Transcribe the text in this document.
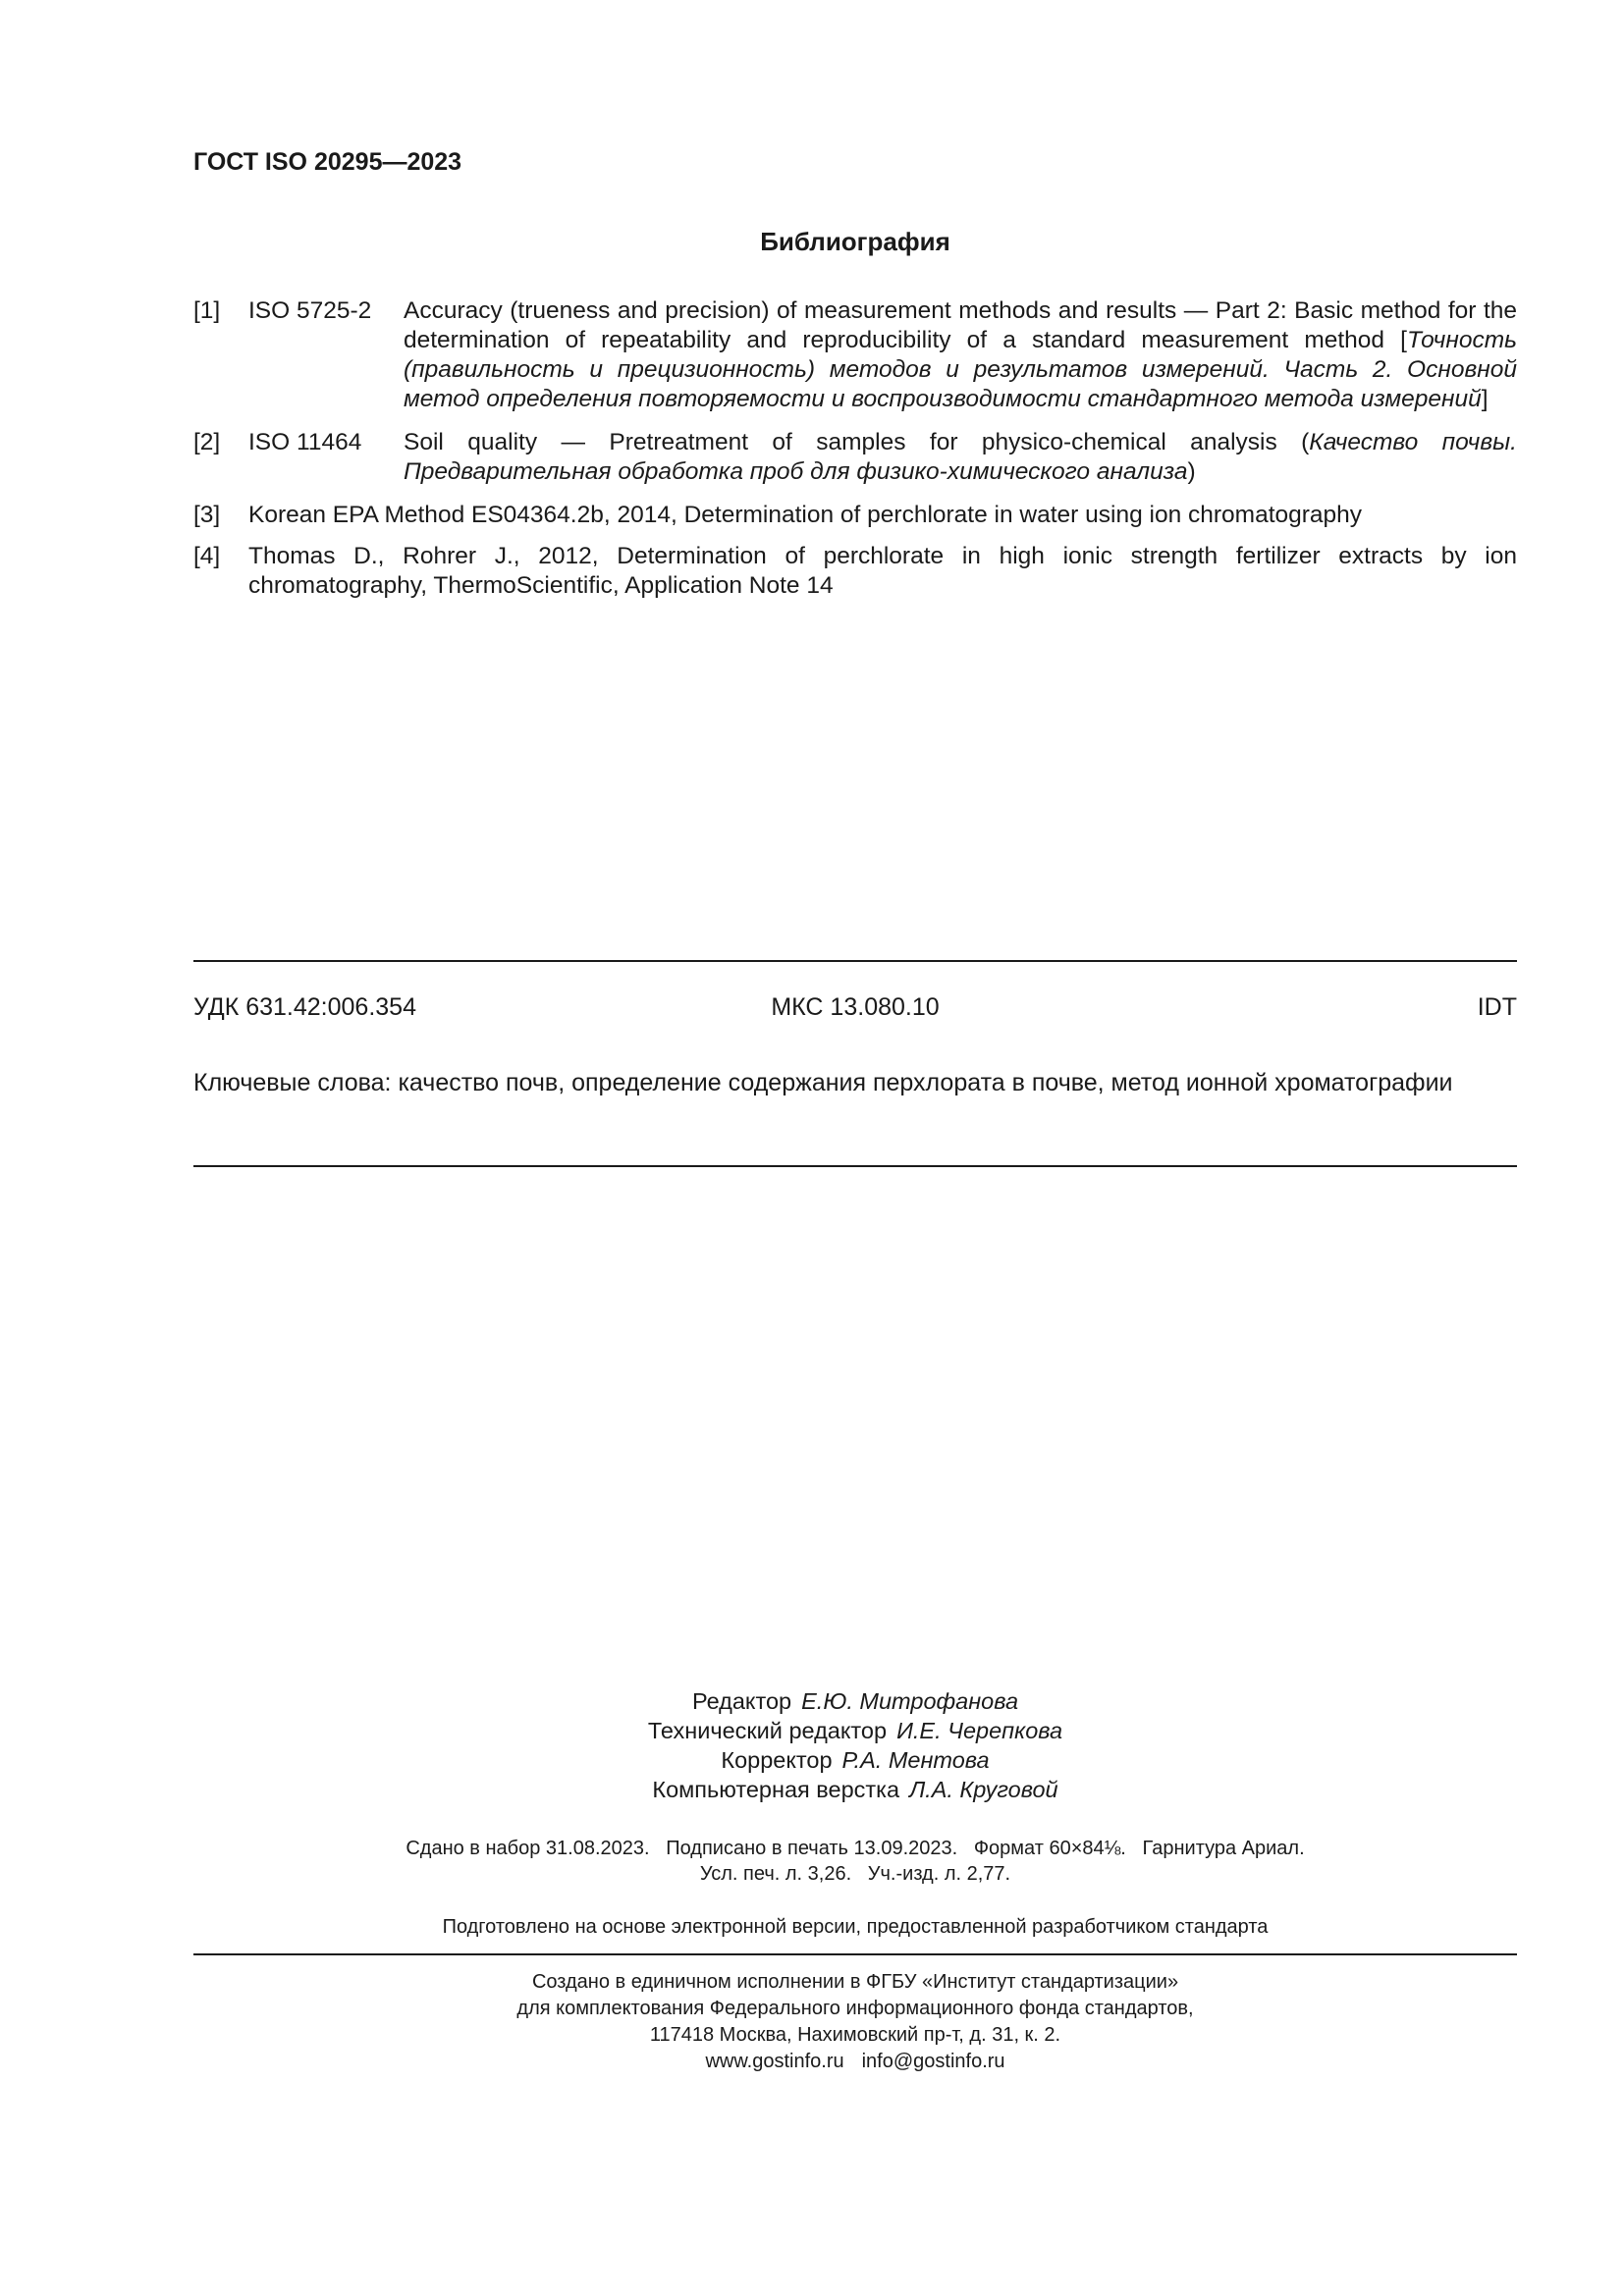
ГОСТ ISO 20295—2023
Библиография
[1] ISO 5725-2 Accuracy (trueness and precision) of measurement methods and results — Part 2: Basic method for the determination of repeatability and reproducibility of a standard measurement method [Точность (правильность и прецизионность) методов и результатов измерений. Часть 2. Основной метод определения повторяемости и воспроизводимости стандартного метода измерений]
[2] ISO 11464 Soil quality — Pretreatment of samples for physico-chemical analysis (Качество почвы. Предварительная обработка проб для физико-химического анализа)
[3] Korean EPA Method ES04364.2b, 2014, Determination of perchlorate in water using ion chromatography
[4] Thomas D., Rohrer J., 2012, Determination of perchlorate in high ionic strength fertilizer extracts by ion chromatography, ThermoScientific, Application Note 14
УДК 631.42:006.354	МКС 13.080.10	IDT
Ключевые слова: качество почв, определение содержания перхлората в почве, метод ионной хроматографии
Редактор Е.Ю. Митрофанова
Технический редактор И.Е. Черепкова
Корректор Р.А. Ментова
Компьютерная верстка Л.А. Круговой
Сдано в набор 31.08.2023.   Подписано в печать 13.09.2023.   Формат 60×84⅛.   Гарнитура Ариал.
Усл. печ. л. 3,26.   Уч.-изд. л. 2,77.
Подготовлено на основе электронной версии, предоставленной разработчиком стандарта
Создано в единичном исполнении в ФГБУ «Институт стандартизации»
для комплектования Федерального информационного фонда стандартов,
117418 Москва, Нахимовский пр-т, д. 31, к. 2.
www.gostinfo.ru info@gostinfo.ru
